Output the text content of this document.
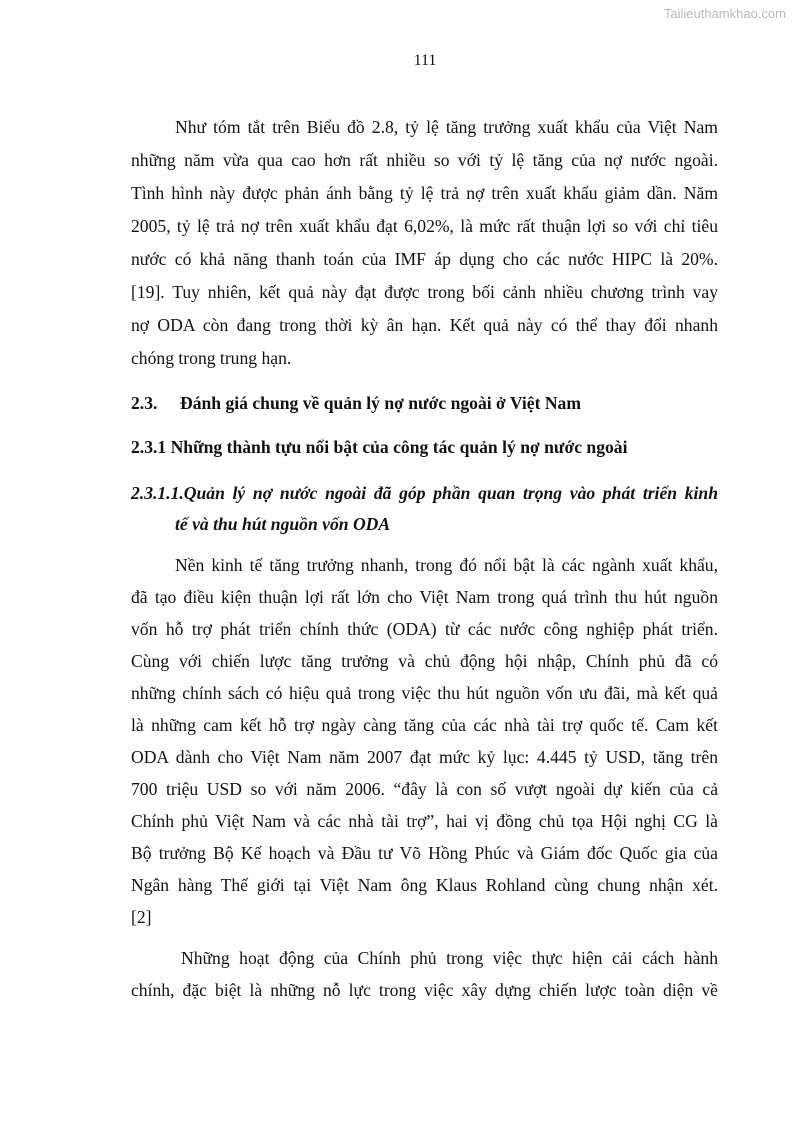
Tailieuthamkhao.com
111
Như tóm tắt trên Biểu đồ 2.8, tỷ lệ tăng trưởng xuất khẩu của Việt Nam
những năm vừa qua cao hơn rất nhiều so với tỷ lệ tăng của nợ nước ngoài.
Tình hình này được phản ánh bằng tỷ lệ trả nợ trên xuất khẩu giảm dần. Năm
2005, tỷ lệ trả nợ trên xuất khẩu đạt 6,02%, là mức rất thuận lợi so với chỉ tiêu
nước có khả năng thanh toán của IMF áp dụng cho các nước HIPC là 20%.
[19]. Tuy nhiên, kết quả này đạt được trong bối cảnh nhiều chương trình vay
nợ ODA còn đang trong thời kỳ ân hạn. Kết quả này có thể thay đổi nhanh
chóng trong trung hạn.
2.3. Đánh giá chung về quản lý nợ nước ngoài ở Việt Nam
2.3.1 Những thành tựu nổi bật của công tác quản lý nợ nước ngoài
2.3.1.1.Quản lý nợ nước ngoài đã góp phần quan trọng vào phát triển kinh
tế và thu hút nguồn vốn ODA
Nền kinh tế tăng trưởng nhanh, trong đó nổi bật là các ngành xuất khẩu,
đã tạo điều kiện thuận lợi rất lớn cho Việt Nam trong quá trình thu hút nguồn
vốn hỗ trợ phát triển chính thức (ODA) từ các nước công nghiệp phát triển.
Cùng với chiến lược tăng trưởng và chủ động hội nhập, Chính phủ đã có
những chính sách có hiệu quả trong việc thu hút nguồn vốn ưu đãi, mà kết quả
là những cam kết hỗ trợ ngày càng tăng của các nhà tài trợ quốc tế. Cam kết
ODA dành cho Việt Nam năm 2007 đạt mức kỷ lục: 4.445 tỷ USD, tăng trên
700 triệu USD so với năm 2006. “đây là con số vượt ngoài dự kiến của cả
Chính phủ Việt Nam và các nhà tài trợ”, hai vị đồng chủ tọa Hội nghị CG là
Bộ trưởng Bộ Kế hoạch và Đầu tư Võ Hồng Phúc và Giám đốc Quốc gia của
Ngân hàng Thế giới tại Việt Nam ông Klaus Rohland cùng chung nhận xét.
[2]
Những hoạt động của Chính phủ trong việc thực hiện cải cách hành
chính, đặc biệt là những nỗ lực trong việc xây dựng chiến lược toàn diện về
